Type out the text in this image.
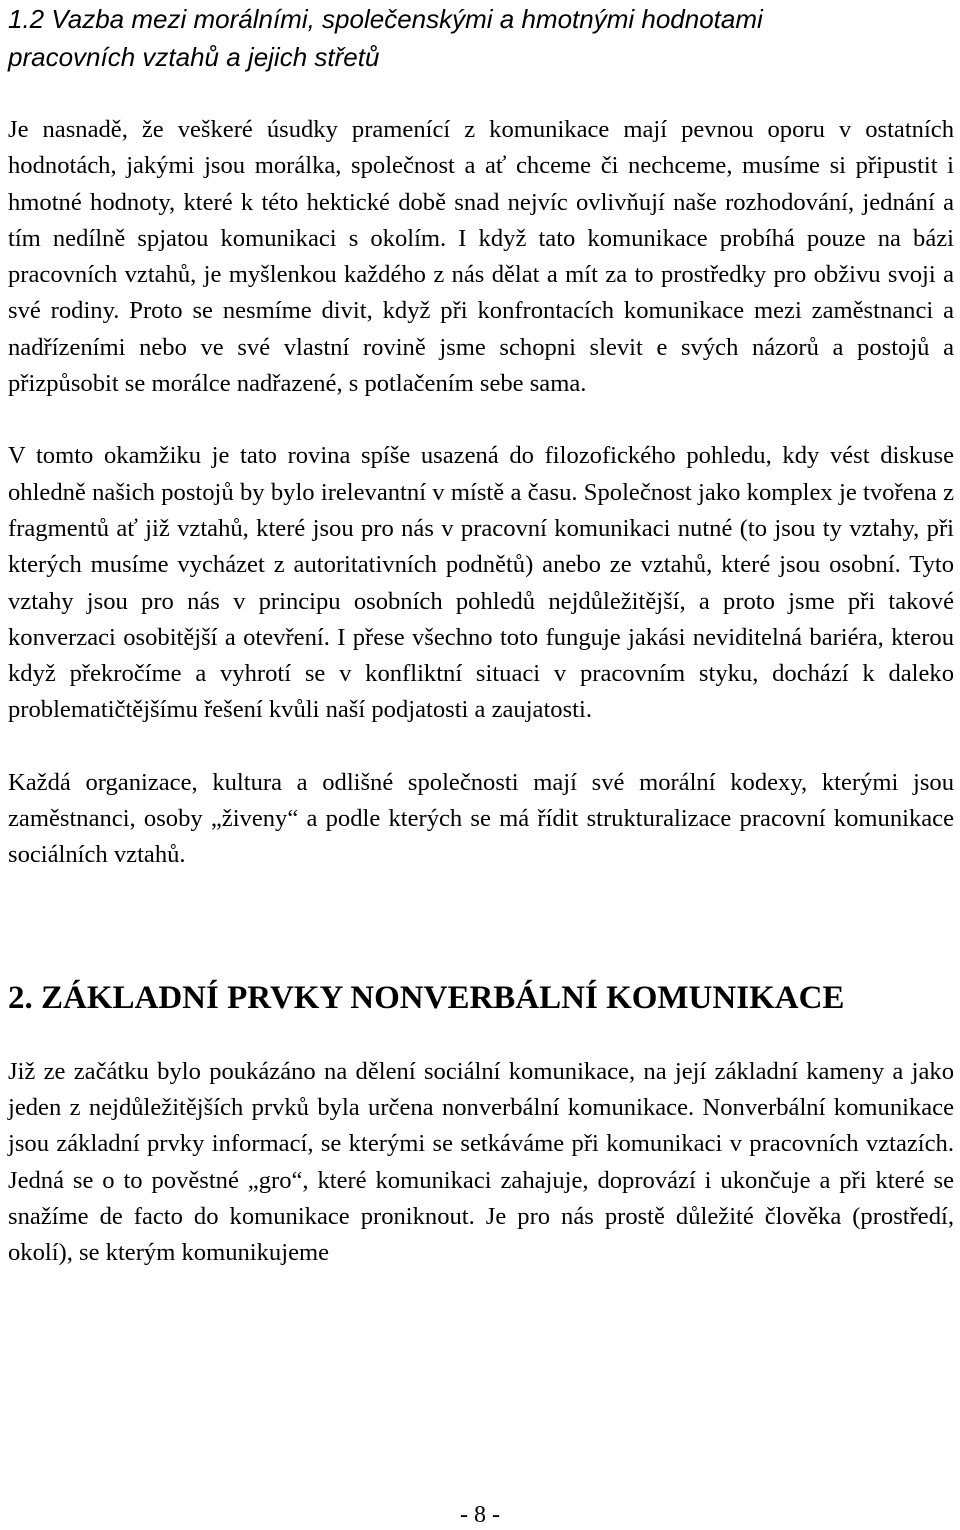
1.2 Vazba mezi morálními, společenskými a hmotnými hodnotami
pracovních vztahů a jejich střetů

Je nasnadě, že veškeré úsudky pramenící z komunikace mají pevnou oporu v ostatních hodnotách, jakými jsou morálka, společnost a ať chceme či nechceme, musíme si připustit i hmotné hodnoty, které k této hektické době snad nejvíc ovlivňují naše rozhodování, jednání a tím nedílně spjatou komunikaci s okolím. I když tato komunikace probíhá pouze na bázi pracovních vztahů, je myšlenkou každého z nás dělat a mít za to prostředky pro obživu svoji a své rodiny. Proto se nesmíme divit, když při konfrontacích komunikace mezi zaměstnanci a nadřízeními nebo ve své vlastní rovině jsme schopni slevit e svých názorů a postojů a přizpůsobit se morálce nadřazené, s potlačením sebe sama.

V tomto okamžiku je tato rovina spíše usazená do filozofického pohledu, kdy vést diskuse ohledně našich postojů by bylo irelevantní v místě a času. Společnost jako komplex je tvořena z fragmentů ať již vztahů, které jsou pro nás v pracovní komunikaci nutné (to jsou ty vztahy, při kterých musíme vycházet z autoritativních podnětů) anebo ze vztahů, které jsou osobní. Tyto vztahy jsou pro nás v principu osobních pohledů nejdůležitější, a proto jsme při takové konverzaci osobitější a otevření. I přese všechno toto funguje jakási neviditelná bariéra, kterou když překročíme a vyhrotí se v konfliktní situaci v pracovním styku, dochází k daleko problematičtějšímu řešení kvůli naší podjatosti a zaujatosti.

Každá organizace, kultura a odlišné společnosti mají své morální kodexy, kterými jsou zaměstnanci, osoby „živeny“ a podle kterých se má řídit strukturalizace pracovní komunikace sociálních vztahů.

2. ZÁKLADNÍ PRVKY NONVERBÁLNÍ KOMUNIKACE

Již ze začátku bylo poukázáno na dělení sociální komunikace, na její základní kameny a jako jeden z nejdůležitějších prvků byla určena nonverbální komunikace. Nonverbální komunikace jsou základní prvky informací, se kterými se setkáváme při komunikaci v pracovních vztazích. Jedná se o to pověstné „gro“, které komunikaci zahajuje, doprovází i ukončuje a při které se snažíme de facto do komunikace proniknout. Je pro nás prostě důležité člověka (prostředí, okolí), se kterým komunikujeme

- 8 -
